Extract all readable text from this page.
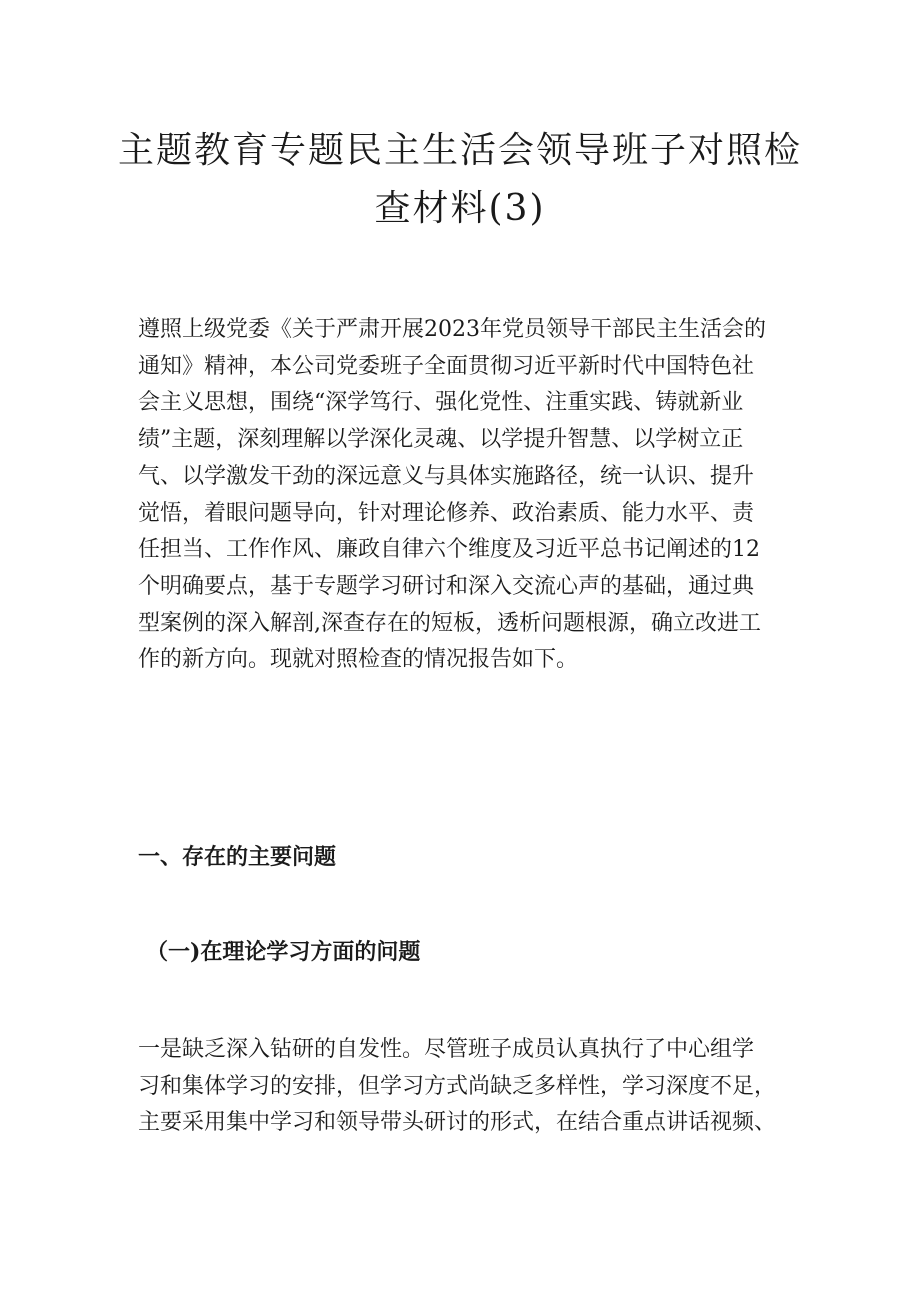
主题教育专题民主生活会领导班子对照检
查材料(3)
遵照上级党委《关于严肃开展2023年党员领导干部民主生活会的
通知》精神，本公司党委班子全面贯彻习近平新时代中国特色社
会主义思想，围绕“深学笃行、强化党性、注重实践、铸就新业
绩”主题，深刻理解以学深化灵魂、以学提升智慧、以学树立正
气、以学激发干劲的深远意义与具体实施路径，统一认识、提升
觉悟，着眼问题导向，针对理论修养、政治素质、能力水平、责
任担当、工作作风、廉政自律六个维度及习近平总书记阐述的12
个明确要点，基于专题学习研讨和深入交流心声的基础，通过典
型案例的深入解剖,深查存在的短板，透析问题根源，确立改进工
作的新方向。现就对照检查的情况报告如下。
一、存在的主要问题
（一)在理论学习方面的问题
一是缺乏深入钻研的自发性。尽管班子成员认真执行了中心组学
习和集体学习的安排，但学习方式尚缺乏多样性，学习深度不足，
主要采用集中学习和领导带头研讨的形式，在结合重点讲话视频、
